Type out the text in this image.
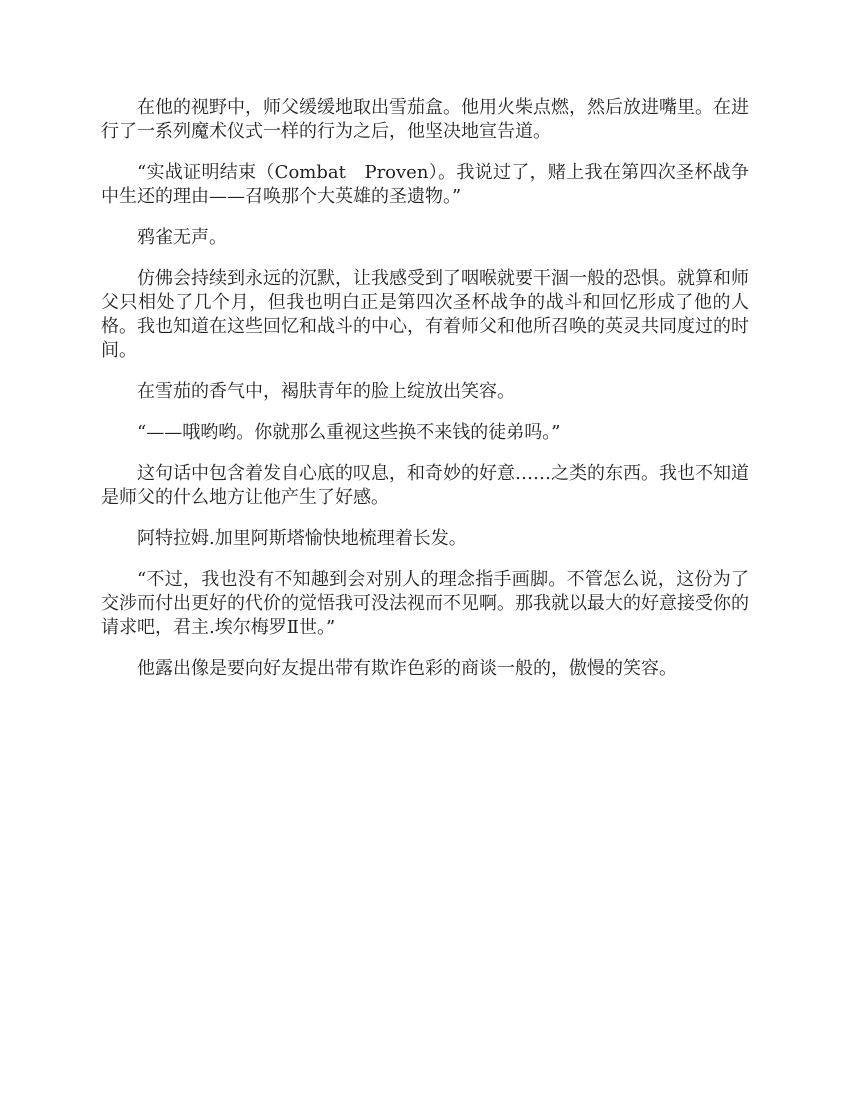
在他的视野中，师父缓缓地取出雪茄盒。他用火柴点燃，然后放进嘴里。在进行了一系列魔术仪式一样的行为之后，他坚决地宣告道。

“实战证明结束（Combat　Proven）。我说过了，赌上我在第四次圣杯战争中生还的理由——召唤那个大英雄的圣遗物。”

鸦雀无声。

仿佛会持续到永远的沉默，让我感受到了咽喉就要干涸一般的恐惧。就算和师父只相处了几个月，但我也明白正是第四次圣杯战争的战斗和回忆形成了他的人格。我也知道在这些回忆和战斗的中心，有着师父和他所召唤的英灵共同度过的时间。

在雪茄的香气中，褐肤青年的脸上绽放出笑容。

“——哦哟哟。你就那么重视这些换不来钱的徒弟吗。”

这句话中包含着发自心底的叹息，和奇妙的好意……之类的东西。我也不知道是师父的什么地方让他产生了好感。

阿特拉姆.加里阿斯塔愉快地梳理着长发。

“不过，我也没有不知趣到会对别人的理念指手画脚。不管怎么说，这份为了交涉而付出更好的代价的觉悟我可没法视而不见啊。那我就以最大的好意接受你的请求吧，君主.埃尔梅罗Ⅱ世。”

他露出像是要向好友提出带有欺诈色彩的商谈一般的，傲慢的笑容。
